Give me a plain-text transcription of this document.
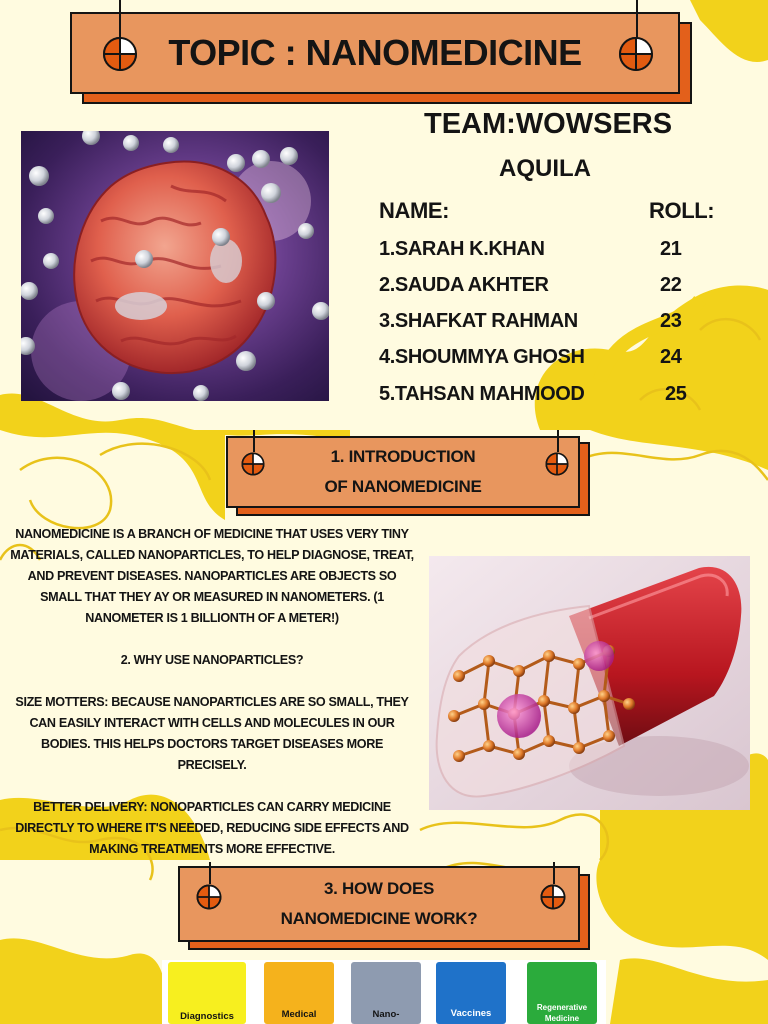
TOPIC : NANOMEDICINE
TEAM:WOWSERS
AQUILA
NAME:	ROLL:
1.SARAH K.KHAN	21
2.SAUDA AKHTER	22
3.SHAFKAT RAHMAN	23
4.SHOUMMYA GHOSH	24
5.TAHSAN MAHMOOD	25
1. INTRODUCTION
OF NANOMEDICINE
NANOMEDICINE IS A BRANCH OF MEDICINE THAT USES VERY TINY MATERIALS, CALLED NANOPARTICLES, TO HELP DIAGNOSE, TREAT, AND PREVENT DISEASES. NANOPARTICLES ARE OBJECTS SO SMALL THAT THEY AY OR MEASURED IN NANOMETERS. (1 NANOMETER IS 1 BILLIONTH OF A METER!)
2. WHY USE NANOPARTICLES?
SIZE MOTTERS: BECAUSE NANOPARTICLES ARE SO SMALL, THEY CAN EASILY INTERACT WITH CELLS AND MOLECULES IN OUR BODIES. THIS HELPS DOCTORS TARGET DISEASES MORE PRECISELY.
BETTER DELIVERY: NONOPARTICLES CAN CARRY MEDICINE DIRECTLY TO WHERE IT'S NEEDED, REDUCING SIDE EFFECTS AND MAKING TREATMENTS MORE EFFECTIVE.
3. HOW DOES
NANOMEDICINE WORK?
Diagnostics	Medical	Nano-	Vaccines
Regenerative Medicine
